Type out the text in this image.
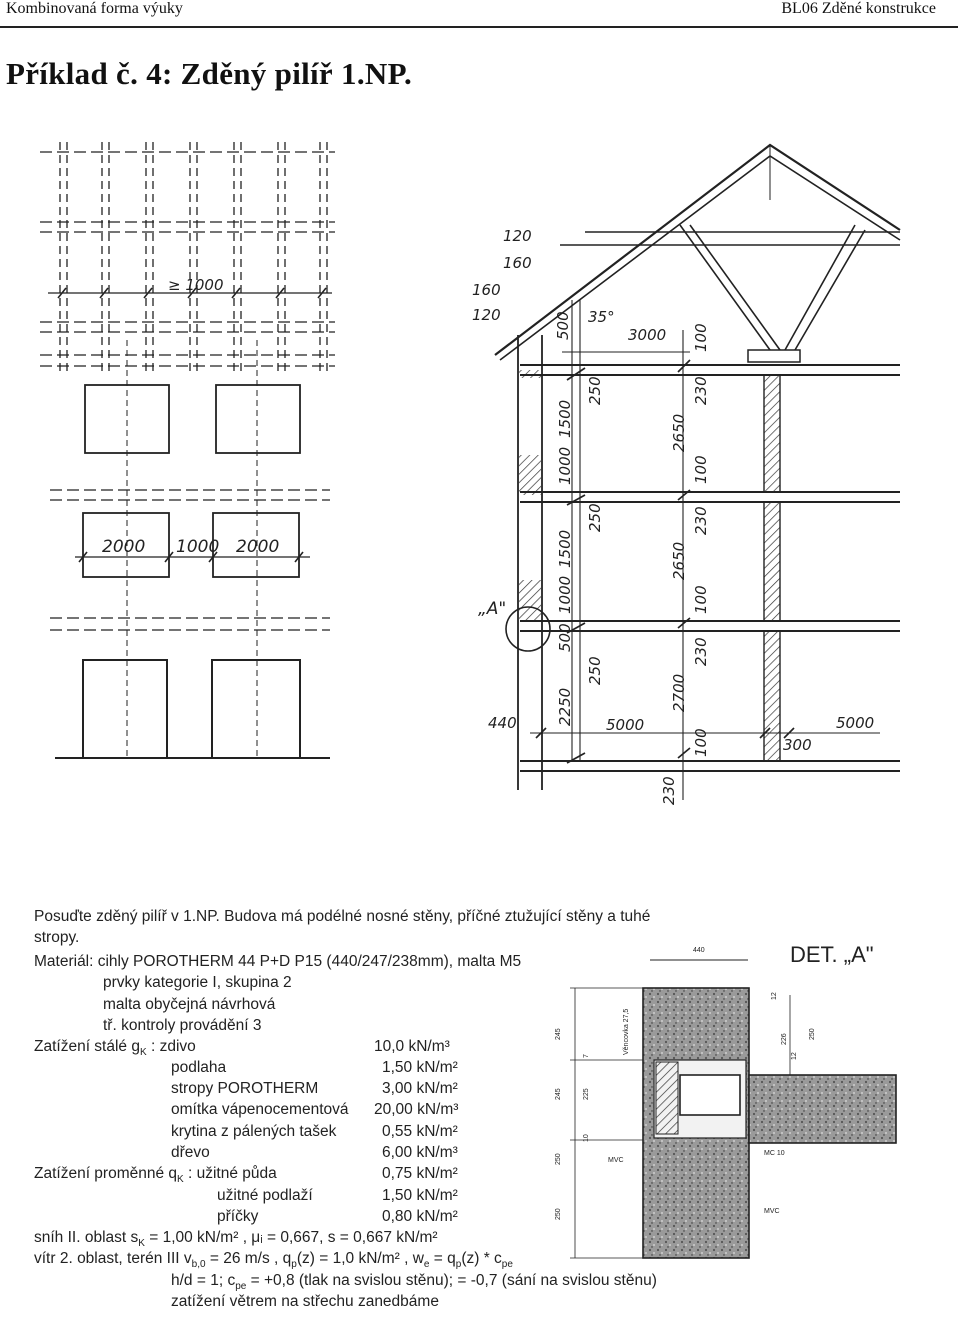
Kombinovaná forma výuky	BL06 Zděné konstrukce
Příklad č. 4: Zděný pilíř 1.NP.
≥ 1000
2000 1000 2000
120
160
160
120	35°
3000 100
500
250
1500
1000
250
2650
230
100
230
1500
1000
2650
100
500
250
230
2250	2700
440	5000	5000
300
100
230
„A"
DET. „A"
440
Věncovka 27,5
MVC
MVC
MC 10
245
7
245	225
10
250
250
12
226
12
250
Posuďte zděný pilíř v 1.NP. Budova má podélné nosné stěny, příčné ztužující stěny a tuhé
stropy.
Materiál: cihly POROTHERM 44 P+D P15 (440/247/238mm), malta M5
prvky kategorie I, skupina 2
malta obyčejná návrhová
tř. kontroly provádění 3
Zatížení stálé $g_K$ : zdivo	10,0 kN/m³
podlaha	1,50 kN/m²
stropy POROTHERM	3,00 kN/m²
omítka vápenocementová 20,00 kN/m³
krytina z pálených tašek	0,55 kN/m²
dřevo	6,00 kN/m³
Zatížení proměnné $q_K$ : užitné půda	0,75 kN/m²
užitné podlaží	1,50 kN/m²
příčky	0,80 kN/m²
sníh II. oblast $s_K = 1,00$ kN/m² , μᵢ = 0,667, s = 0,667 kN/m²
vítr 2. oblast, terén III $v_{b,0} = 26$ m/s , $q_p(z) = 1,0$ kN/m² , $w_e = q_p(z) * c_{pe}$
h/d = 1; $c_{pe} = +0,8$ (tlak na svislou stěnu); = -0,7 (sání na svislou stěnu)
zatížení větrem na střechu zanedbáme
